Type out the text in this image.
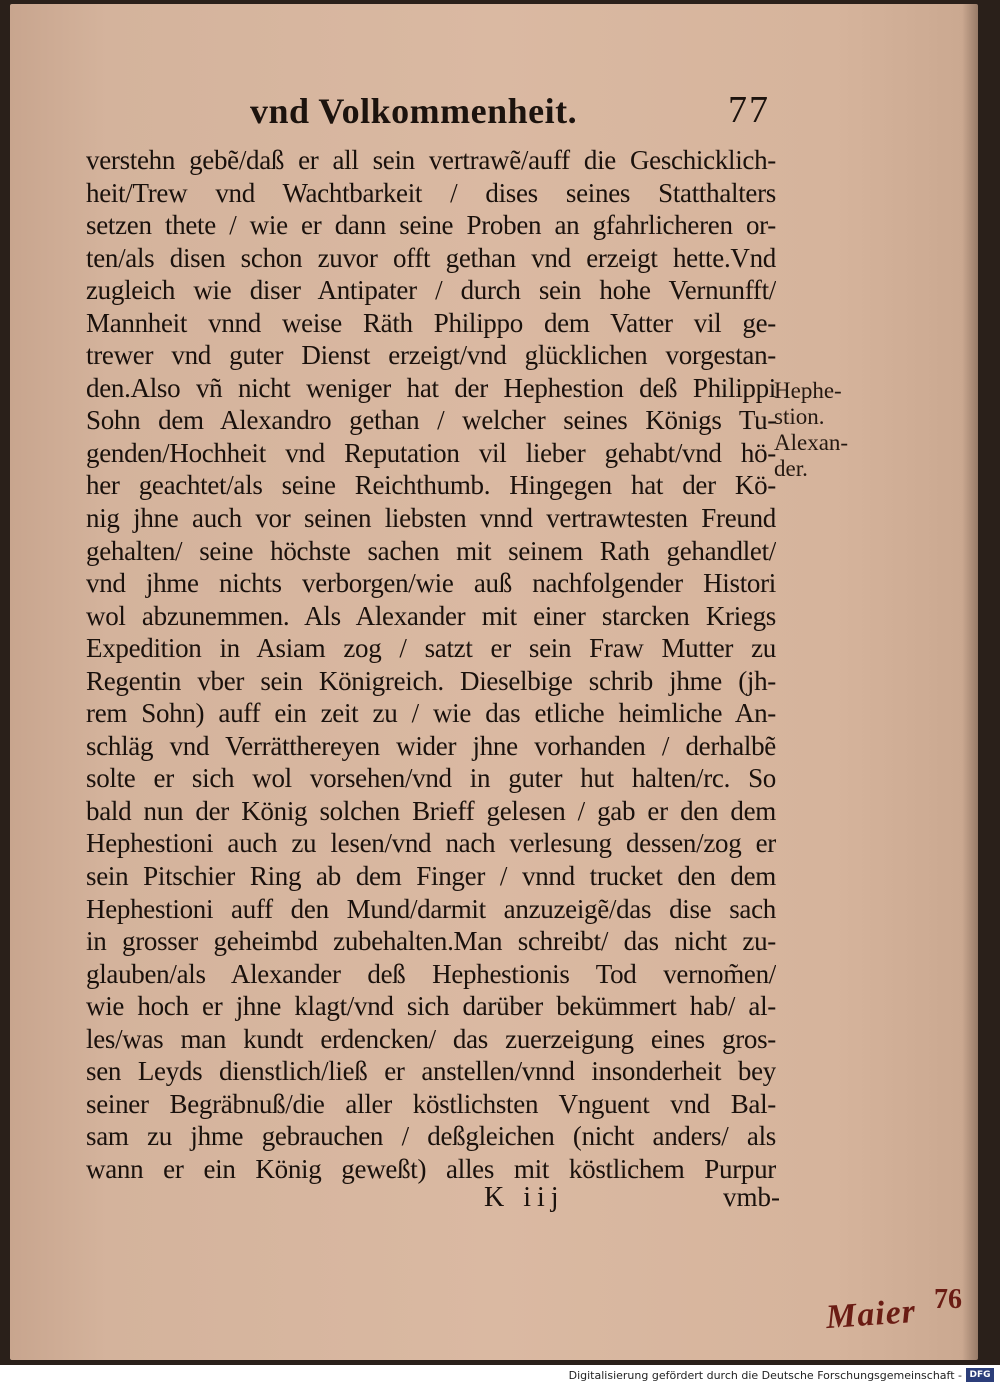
vnd Volkommenheit.	77
verstehn gebẽ/daß er all sein vertrawẽ/auff die Geschicklich-
heit/Trew vnd Wachtbarkeit / dises seines Statthalters
setzen thete / wie er dann seine Proben an gfahrlicheren or-
ten/als disen schon zuvor offt gethan vnd erzeigt hette.Vnd
zugleich wie diser Antipater / durch sein hohe Vernunfft/
Mannheit vnnd weise Räth Philippo dem Vatter vil ge-
trewer vnd guter Dienst erzeigt/vnd glücklichen vorgestan-
den.Also vñ nicht weniger hat der Hephestion deß Philippi
Sohn dem Alexandro gethan / welcher seines Königs Tu-
genden/Hochheit vnd Reputation vil lieber gehabt/vnd hö-
her geachtet/als seine Reichthumb. Hingegen hat der Kö-
nig jhne auch vor seinen liebsten vnnd vertrawtesten Freund
gehalten/ seine höchste sachen mit seinem Rath gehandlet/
vnd jhme nichts verborgen/wie auß nachfolgender Histori
wol abzunemmen. Als Alexander mit einer starcken Kriegs
Expedition in Asiam zog / satzt er sein Fraw Mutter zu
Regentin vber sein Königreich. Dieselbige schrib jhme (jh-
rem Sohn) auff ein zeit zu / wie das etliche heimliche An-
schläg vnd Verrätthereyen wider jhne vorhanden / derhalbẽ
solte er sich wol vorsehen/vnd in guter hut halten/rc. So
bald nun der König solchen Brieff gelesen / gab er den dem
Hephestioni auch zu lesen/vnd nach verlesung dessen/zog er
sein Pitschier Ring ab dem Finger / vnnd trucket den dem
Hephestioni auff den Mund/darmit anzuzeigẽ/das dise sach
in grosser geheimbd zubehalten.Man schreibt/ das nicht zu-
glauben/als Alexander deß Hephestionis Tod vernom̃en/
wie hoch er jhne klagt/vnd sich darüber bekümmert hab/ al-
les/was man kundt erdencken/ das zuerzeigung eines gros-
sen Leyds dienstlich/ließ er anstellen/vnnd insonderheit bey
seiner Begräbnuß/die aller köstlichsten Vnguent vnd Bal-
sam zu jhme gebrauchen / deßgleichen (nicht anders/ als
wann er ein König geweßt) alles mit köstlichem Purpur
Hephe-
stion.
Alexan-
der.
K iij	vmb-
Maier 76
Digitalisierung gefördert durch die Deutsche Forschungsgemeinschaft - DFG
